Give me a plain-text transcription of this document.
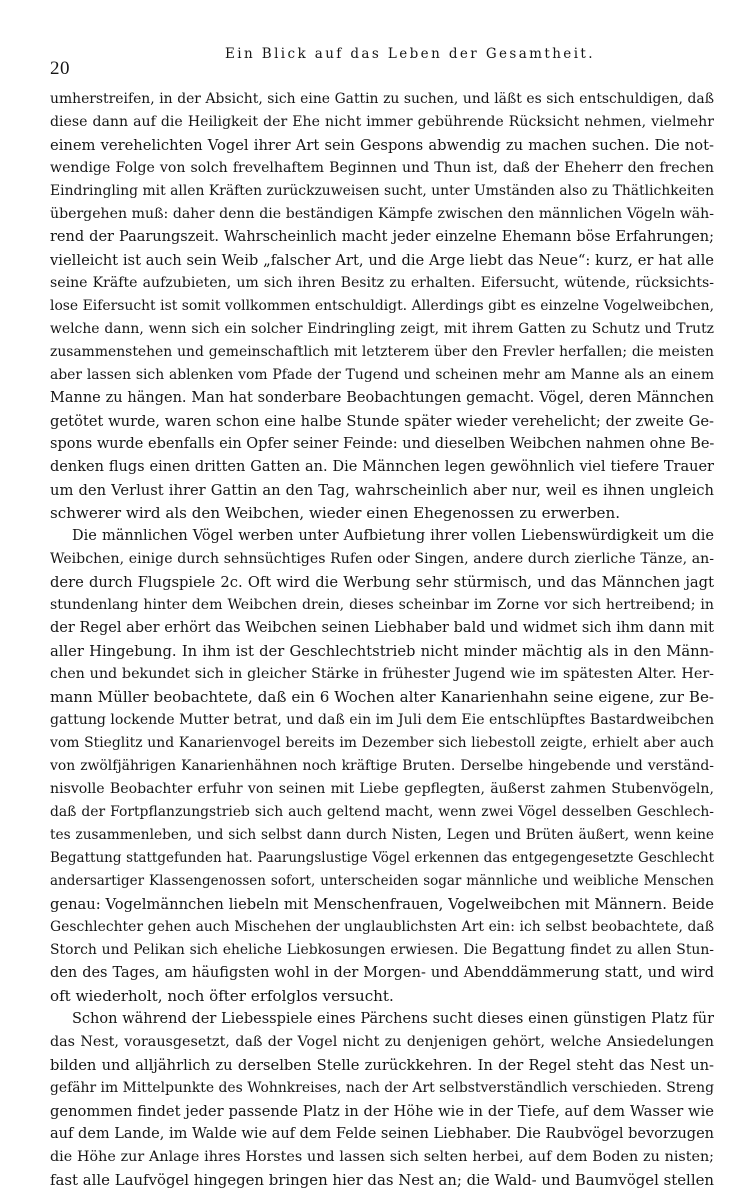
20
Ein Blick auf das Leben der Gesamtheit.
umherstreifen, in der Absicht, sich eine Gattin zu suchen, und läßt es sich entschuldigen, daß
diese dann auf die Heiligkeit der Ehe nicht immer gebührende Rücksicht nehmen, vielmehr
einem verehelichten Vogel ihrer Art sein Gespons abwendig zu machen suchen. Die not-
wendige Folge von solch frevelhaftem Beginnen und Thun ist, daß der Eheherr den frechen
Eindringling mit allen Kräften zurückzuweisen sucht, unter Umständen also zu Thätlichkeiten
übergehen muß: daher denn die beständigen Kämpfe zwischen den männlichen Vögeln wäh-
rend der Paarungszeit. Wahrscheinlich macht jeder einzelne Ehemann böse Erfahrungen;
vielleicht ist auch sein Weib „falscher Art, und die Arge liebt das Neue“: kurz, er hat alle
seine Kräfte aufzubieten, um sich ihren Besitz zu erhalten. Eifersucht, wütende, rücksichts-
lose Eifersucht ist somit vollkommen entschuldigt. Allerdings gibt es einzelne Vogelweibchen,
welche dann, wenn sich ein solcher Eindringling zeigt, mit ihrem Gatten zu Schutz und Trutz
zusammenstehen und gemeinschaftlich mit letzterem über den Frevler herfallen; die meisten
aber lassen sich ablenken vom Pfade der Tugend und scheinen mehr am Manne als an einem
Manne zu hängen. Man hat sonderbare Beobachtungen gemacht. Vögel, deren Männchen
getötet wurde, waren schon eine halbe Stunde später wieder verehelicht; der zweite Ge-
spons wurde ebenfalls ein Opfer seiner Feinde: und dieselben Weibchen nahmen ohne Be-
denken flugs einen dritten Gatten an. Die Männchen legen gewöhnlich viel tiefere Trauer
um den Verlust ihrer Gattin an den Tag, wahrscheinlich aber nur, weil es ihnen ungleich
schwerer wird als den Weibchen, wieder einen Ehegenossen zu erwerben.
Die männlichen Vögel werben unter Aufbietung ihrer vollen Liebenswürdigkeit um die
Weibchen, einige durch sehnsüchtiges Rufen oder Singen, andere durch zierliche Tänze, an-
dere durch Flugspiele 2c. Oft wird die Werbung sehr stürmisch, und das Männchen jagt
stundenlang hinter dem Weibchen drein, dieses scheinbar im Zorne vor sich hertreibend; in
der Regel aber erhört das Weibchen seinen Liebhaber bald und widmet sich ihm dann mit
aller Hingebung. In ihm ist der Geschlechtstrieb nicht minder mächtig als in den Männ-
chen und bekundet sich in gleicher Stärke in frühester Jugend wie im spätesten Alter. Her-
mann Müller beobachtete, daß ein 6 Wochen alter Kanarienhahn seine eigene, zur Be-
gattung lockende Mutter betrat, und daß ein im Juli dem Eie entschlüpftes Bastardweibchen
vom Stieglitz und Kanarienvogel bereits im Dezember sich liebestoll zeigte, erhielt aber auch
von zwölfjährigen Kanarienhähnen noch kräftige Bruten. Derselbe hingebende und verständ-
nisvolle Beobachter erfuhr von seinen mit Liebe gepflegten, äußerst zahmen Stubenvögeln,
daß der Fortpflanzungstrieb sich auch geltend macht, wenn zwei Vögel desselben Geschlech-
tes zusammenleben, und sich selbst dann durch Nisten, Legen und Brüten äußert, wenn keine
Begattung stattgefunden hat. Paarungslustige Vögel erkennen das entgegengesetzte Geschlecht
andersartiger Klassengenossen sofort, unterscheiden sogar männliche und weibliche Menschen
genau: Vogelmännchen liebeln mit Menschenfrauen, Vogelweibchen mit Männern. Beide
Geschlechter gehen auch Mischehen der unglaublichsten Art ein: ich selbst beobachtete, daß
Storch und Pelikan sich eheliche Liebkosungen erwiesen. Die Begattung findet zu allen Stun-
den des Tages, am häufigsten wohl in der Morgen- und Abenddämmerung statt, und wird
oft wiederholt, noch öfter erfolglos versucht.
Schon während der Liebesspiele eines Pärchens sucht dieses einen günstigen Platz für
das Nest, vorausgesetzt, daß der Vogel nicht zu denjenigen gehört, welche Ansiedelungen
bilden und alljährlich zu derselben Stelle zurückkehren. In der Regel steht das Nest un-
gefähr im Mittelpunkte des Wohnkreises, nach der Art selbstverständlich verschieden. Streng
genommen findet jeder passende Platz in der Höhe wie in der Tiefe, auf dem Wasser wie
auf dem Lande, im Walde wie auf dem Felde seinen Liebhaber. Die Raubvögel bevorzugen
die Höhe zur Anlage ihres Horstes und lassen sich selten herbei, auf dem Boden zu nisten;
fast alle Laufvögel hingegen bringen hier das Nest an; die Wald- und Baumvögel stellen
